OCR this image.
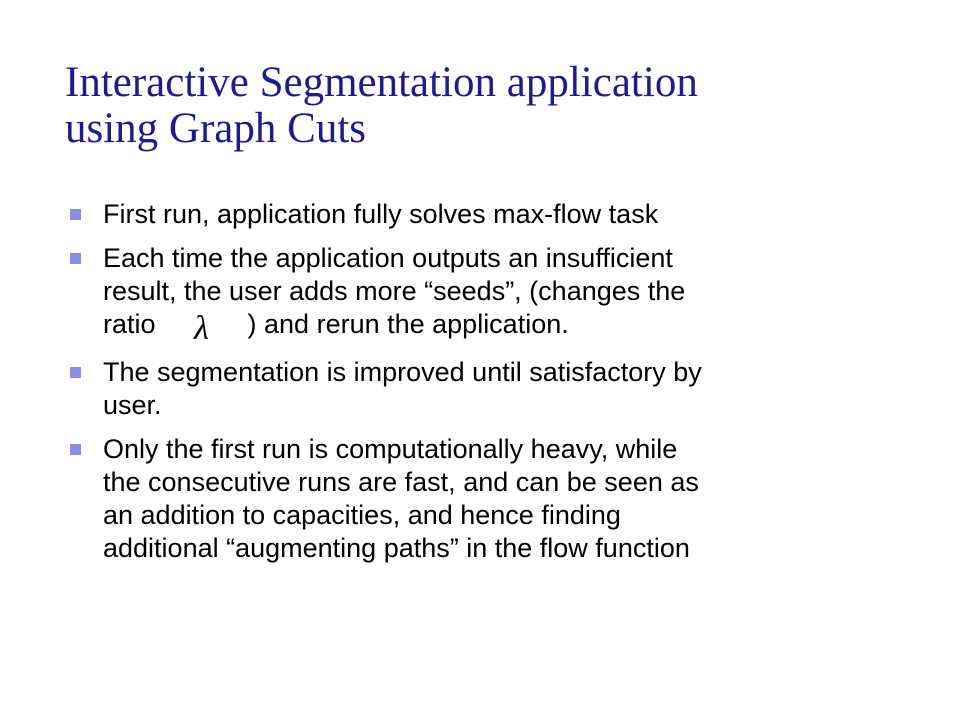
Interactive Segmentation application
using Graph Cuts
First run, application fully solves max-flow task
Each time the application outputs an insufficient
result, the user adds more “seeds”, (changes the
ratio λ ) and rerun the application.
The segmentation is improved until satisfactory by
user.
Only the first run is computationally heavy, while
the consecutive runs are fast, and can be seen as
an addition to capacities, and hence finding
additional “augmenting paths” in the flow function
